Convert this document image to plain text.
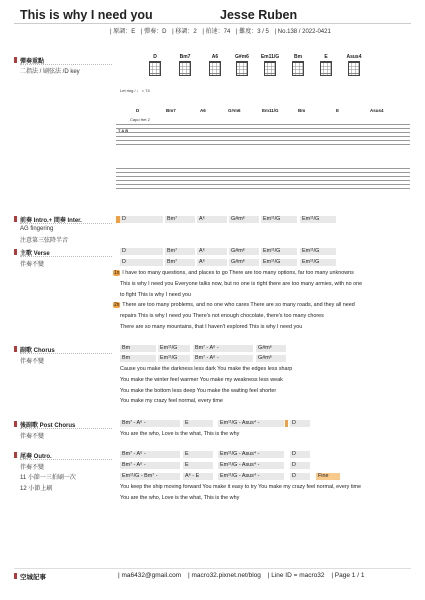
This is why I need you	Jesse Ruben
| 原調：E | 彈奏：D | 移調：2 | 拍速：74 | 難度：3 / 5 | No.138 / 2022-0421
彈奏重點
二指法 / 刷弦法 /D key
D	Bm7	A6	G#m6	Em11/G	Bm	E	Asus4
Let ring / ♩ = 74
D	Bm7	A6	G#m6	Em11/G	Bm	E	Asus4
Capo fret 2
T A B
前奏 Intro.+ 間奏 Inter.
AG fingering
注意第三弦降半音
D	Bm⁷	A⁶	G#m⁶	Em¹¹/G	Em¹¹/G
主歌 Verse
伴奏不變
D	Bm⁷	A⁶	G#m⁶	Em¹¹/G	Em¹¹/G
D	Bm⁷	A⁶	G#m⁶	Em¹¹/G	Em¹¹/G
1x I have too many questions, and places to go There are too many options, far too many unknowns
This is why I need you Everyone talks now, but no one is right there are too many armies, with no one
to fight This is why I need you
2x There are too many problems, and no one who cares There are so many roads, and they all need
repairs This is why I need you There's not enough chocolate, there's too many chores
There are so many mountains, that I haven't explored This is why I need you
副歌 Chorus
伴奏不變
Bm	Em¹¹/G	Bm⁷ - A⁶ -	G#m⁶
Bm	Em¹¹/G	Bm⁷ - A⁶ -	G#m⁶
Cause you make the darkness less dark You make the edges less sharp
You make the winter feel warmer You make my weakness less weak
You make the bottom less deep You make the waiting feel shorter
You make my crazy feel normal, every time
後副歌 Post Chorus
伴奏不變
Bm⁷ - A⁶ -	E	Em¹¹/G - Asus⁴ -	D
You are the who, Love is the what, This is the why
尾奏 Outro.
伴奏不變
11 小節一三拍刷一次
12 小節上刷
Bm⁷ - A⁶ -	E	Em¹¹/G - Asus⁴ -	D
Bm⁷ - A⁶ -	E	Em¹¹/G - Asus⁴ -	D
Em¹¹/G - Bm⁷ -	A⁶ - E	Em¹¹/G - Asus⁴ -	D	Fine
You keep the ship moving forward You make it easy to try You make my crazy feel normal, every time
You are the who, Love is the what, This is the why
空城記事	| ma6432@gmail.com | macro32.pixnet.net/blog | Line ID = macro32 | Page 1 / 1
